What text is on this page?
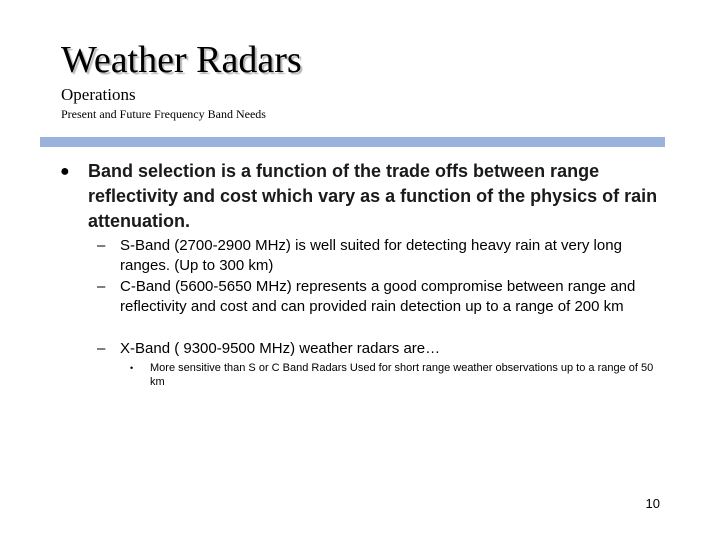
Weather Radars
Operations
Present and Future Frequency Band Needs
● Band selection is a function of the trade offs between range reflectivity and cost which vary as a function of the physics of rain attenuation.
– S-Band (2700-2900 MHz) is well suited for detecting heavy rain at very long ranges. (Up to 300 km)
– C-Band (5600-5650 MHz) represents a good compromise between range and reflectivity and cost and can provided rain detection up to a range of 200 km
– X-Band ( 9300-9500 MHz) weather radars are…
• More sensitive than S or C Band Radars Used for short range weather observations up to a range of 50 km
10
